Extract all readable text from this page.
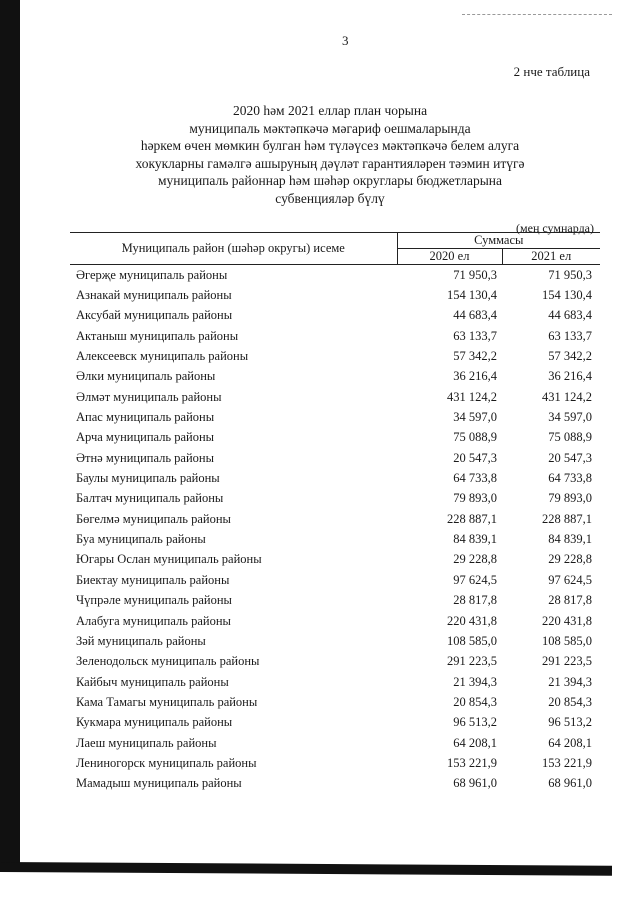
3
2 нче таблица
2020 һәм 2021 еллар план чорына
муниципаль мәктәпкәчә мәгариф оешмаларында
һәркем өчен мөмкин булган һәм түләүсез мәктәпкәчә белем алуга
хокукларны гамәлгә ашыруның дәүләт гарантияләрен тәэмин итүгә
муниципаль районнар һәм шәһәр округлары бюджетларына
субвенцияләр бүлү
(мең сумнарда)
Муниципаль район (шәһәр округы) исеме	Суммасы	
	2020 ел	2021 ел
Әгерҗе муниципаль районы	71 950,3	71 950,3
Азнакай муниципаль районы	154 130,4	154 130,4
Аксубай муниципаль районы	44 683,4	44 683,4
Актаныш муниципаль районы	63 133,7	63 133,7
Алексеевск муниципаль районы	57 342,2	57 342,2
Әлки муниципаль районы	36 216,4	36 216,4
Әлмәт муниципаль районы	431 124,2	431 124,2
Апас муниципаль районы	34 597,0	34 597,0
Арча муниципаль районы	75 088,9	75 088,9
Әтнә муниципаль районы	20 547,3	20 547,3
Баулы муниципаль районы	64 733,8	64 733,8
Балтач муниципаль районы	79 893,0	79 893,0
Бөгелмә муниципаль районы	228 887,1	228 887,1
Буа муниципаль районы	84 839,1	84 839,1
Югары Ослан муниципаль районы	29 228,8	29 228,8
Биектау муниципаль районы	97 624,5	97 624,5
Чүпрәле муниципаль районы	28 817,8	28 817,8
Алабуга муниципаль районы	220 431,8	220 431,8
Зәй муниципаль районы	108 585,0	108 585,0
Зеленодольск муниципаль районы	291 223,5	291 223,5
Кайбыч муниципаль районы	21 394,3	21 394,3
Кама Тамагы муниципаль районы	20 854,3	20 854,3
Кукмара муниципаль районы	96 513,2	96 513,2
Лаеш муниципаль районы	64 208,1	64 208,1
Лениногорск муниципаль районы	153 221,9	153 221,9
Мамадыш муниципаль районы	68 961,0	68 961,0
